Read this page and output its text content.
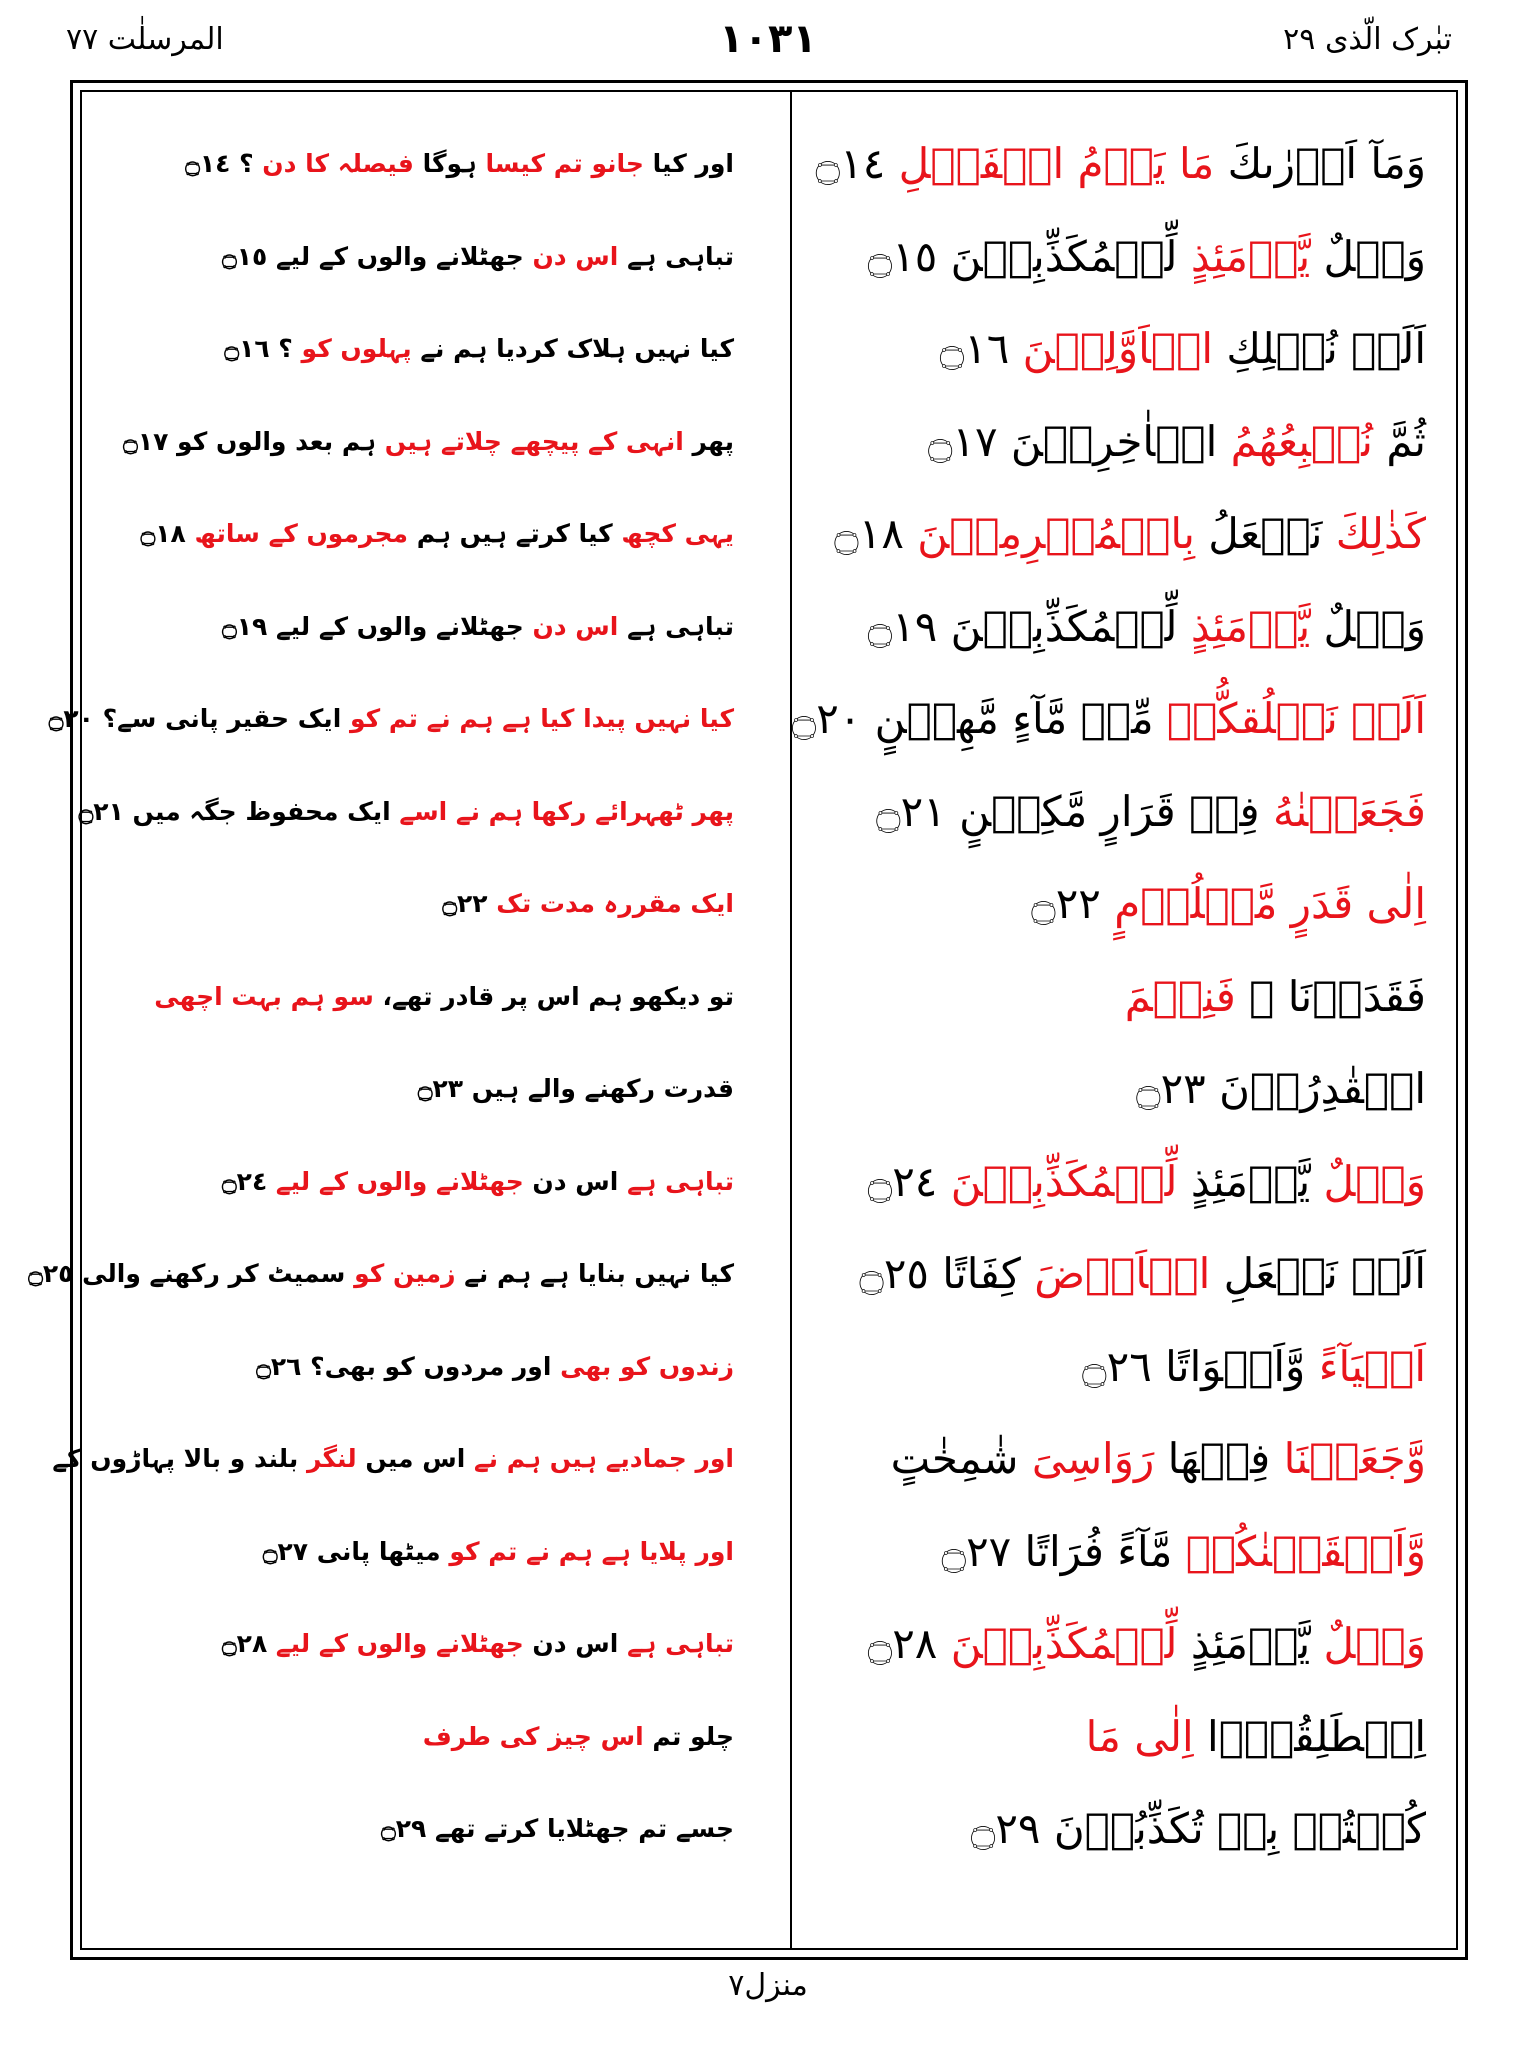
تبٰرک الّذی ٢٩
١٠٣١
المرسلٰت ٧٧
وَمَآ اَدۡرٰىكَ مَا يَوۡمُ الۡفَصۡلِ ۝١٤
اور کیا جانو تم کیسا ہوگا فیصلہ کا دن ؟ ۝١٤
وَيۡلٌ يَّوۡمَئِذٍ لِّلۡمُكَذِّبِيۡنَ ۝١٥
تباہی ہے اس دن جھٹلانے والوں کے لیے ۝١٥
اَلَمۡ نُهۡلِكِ الۡاَوَّلِيۡنَ ۝١٦
کیا نہیں ہلاک کردیا ہم نے پہلوں کو ؟ ۝١٦
ثُمَّ نُتۡبِعُهُمُ الۡاٰخِرِيۡنَ ۝١٧
پھر انہی کے پیچھے چلاتے ہیں ہم بعد والوں کو ۝١٧
كَذٰلِكَ نَفۡعَلُ بِالۡمُجۡرِمِيۡنَ ۝١٨
یہی کچھ کیا کرتے ہیں ہم مجرموں کے ساتھ ۝١٨
وَيۡلٌ يَّوۡمَئِذٍ لِّلۡمُكَذِّبِيۡنَ ۝١٩
تباہی ہے اس دن جھٹلانے والوں کے لیے ۝١٩
اَلَمۡ نَخۡلُقكُّمۡ مِّنۡ مَّآءٍ مَّهِيۡنٍ ۝٢٠
کیا نہیں پیدا کیا ہے ہم نے تم کو ایک حقیر پانی سے؟ ۝٢٠
فَجَعَلۡنٰهُ فِىۡ قَرَارٍ مَّكِيۡنٍ ۝٢١
پھر ٹھہرائے رکھا ہم نے اسے ایک محفوظ جگہ میں ۝٢١
اِلٰى قَدَرٍ مَّعۡلُوۡمٍ ۝٢٢
ایک مقررہ مدت تک ۝٢٢
فَقَدَرۡنَا ۖ فَنِعۡمَ
تو دیکھو ہم اس پر قادر تھے، سو ہم بہت اچھی
الۡقٰدِرُوۡنَ ۝٢٣
قدرت رکھنے والے ہیں ۝٢٣
وَيۡلٌ يَّوۡمَئِذٍ لِّلۡمُكَذِّبِيۡنَ ۝٢٤
تباہی ہے اس دن جھٹلانے والوں کے لیے ۝٢٤
اَلَمۡ نَجۡعَلِ الۡاَرۡضَ كِفَاتًا ۝٢٥
کیا نہیں بنایا ہے ہم نے زمین کو سمیٹ کر رکھنے والی ۝٢٥
اَحۡيَآءً وَّاَمۡوَاتًا ۝٢٦
زندوں کو بھی اور مردوں کو بھی؟ ۝٢٦
وَّجَعَلۡنَا فِيۡهَا رَوَاسِىَ شٰمِخٰتٍ
اور جمادیے ہیں ہم نے اس میں لنگر بلند و بالا پہاڑوں کے
وَّاَسۡقَيۡنٰكُمۡ مَّآءً فُرَاتًا ۝٢٧
اور پلایا ہے ہم نے تم کو میٹھا پانی ۝٢٧
وَيۡلٌ يَّوۡمَئِذٍ لِّلۡمُكَذِّبِيۡنَ ۝٢٨
تباہی ہے اس دن جھٹلانے والوں کے لیے ۝٢٨
اِنۡطَلِقُوۡۤا اِلٰى مَا
چلو تم اس چیز کی طرف
كُنۡتُمۡ بِهٖ تُكَذِّبُوۡنَ ۝٢٩
جسے تم جھٹلایا کرتے تھے ۝٢٩
منزل٧
